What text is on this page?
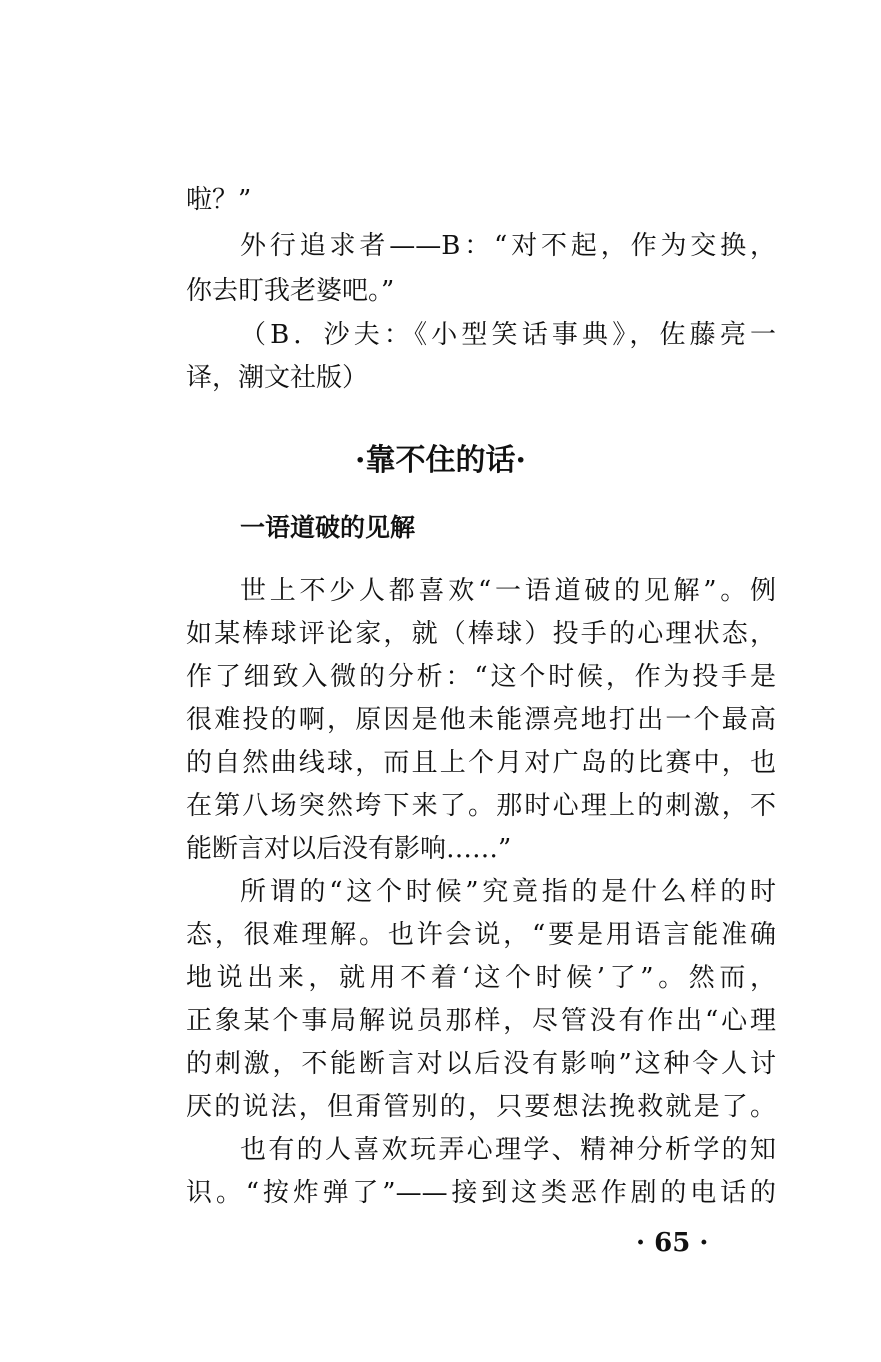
啦？”
外行追求者——B：“对不起，作为交换，
你去盯我老婆吧。”
（B．沙夫：《小型笑话事典》，佐藤亮一
译，潮文社版）
·靠不住的话·
一语道破的见解
世上不少人都喜欢“一语道破的见解”。例
如某棒球评论家，就（棒球）投手的心理状态，
作了细致入微的分析：“这个时候，作为投手是
很难投的啊，原因是他未能漂亮地打出一个最高
的自然曲线球，而且上个月对广岛的比赛中，也
在第八场突然垮下来了。那时心理上的刺激，不
能断言对以后没有影响……”
所谓的“这个时候”究竟指的是什么样的时
态，很难理解。也许会说，“要是用语言能准确
地说出来，就用不着‘这个时候’了”。然而，
正象某个事局解说员那样，尽管没有作出“心理
的刺激，不能断言对以后没有影响”这种令人讨
厌的说法，但甭管别的，只要想法挽救就是了。
也有的人喜欢玩弄心理学、精神分析学的知
识。“按炸弹了”——接到这类恶作剧的电话的
· 65 ·
